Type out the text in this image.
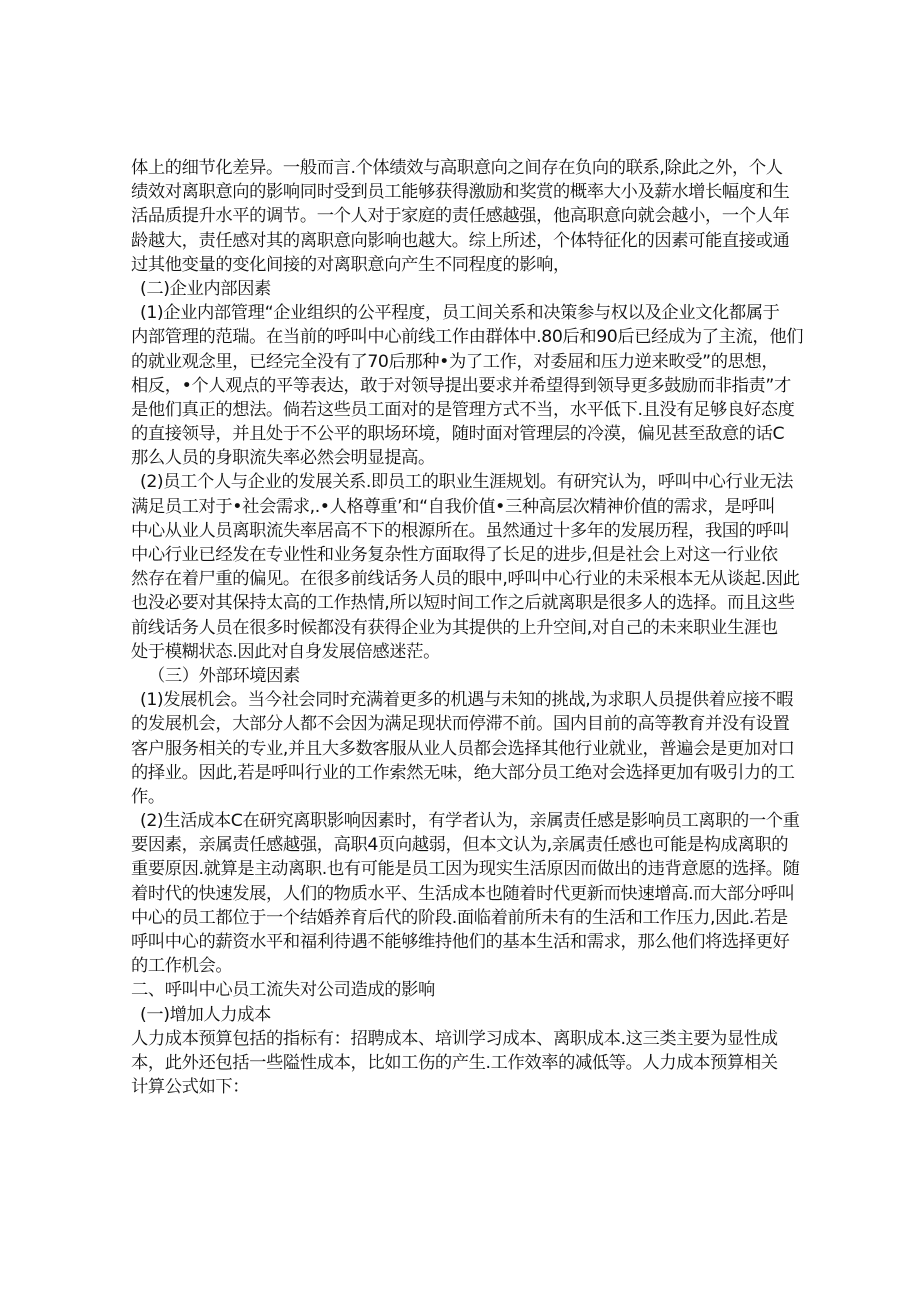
体上的细节化差异。一般而言.个体绩效与高职意向之间存在负向的联系,除此之外，个人
绩效对离职意向的影响同时受到员工能够获得激励和奖赏的概率大小及薪水增长幅度和生
活品质提升水平的调节。一个人对于家庭的责任感越强，他高职意向就会越小，一个人年
龄越大，责任感对其的离职意向影响也越大。综上所述，个体特征化的因素可能直接或通
过其他变量的变化间接的对离职意向产生不同程度的影响，
(二)企业内部因素
(1)企业内部管理“企业组织的公平程度，员工间关系和决策参与权以及企业文化都属于
内部管理的范瑞。在当前的呼叫中心前线工作由群体中.80后和90后已经成为了主流，他们
的就业观念里，已经完全没有了70后那种•为了工作，对委屈和压力逆来畋受”的思想，
相反，•个人观点的平等表达，敢于对领导提出要求并希望得到领导更多鼓励而非指责”才
是他们真正的想法。倘若这些员工面对的是管理方式不当，水平低下.且没有足够良好态度
的直接领导，并且处于不公平的职场环境，随时面对管理层的冷漠，偏见甚至敌意的话C
那么人员的身职流失率必然会明显提高。
(2)员工个人与企业的发展关系.即员工的职业生涯规划。有研究认为，呼叫中心行业无法
满足员工对于•社会需求,.•人格尊重’和“自我价值•三种高层次精神价值的需求，是呼叫
中心从业人员离职流失率居高不下的根源所在。虽然通过十多年的发展历程，我国的呼叫
中心行业已经发在专业性和业务复杂性方面取得了长足的进步,但是社会上对这一行业依
然存在着尸重的偏见。在很多前线话务人员的眼中,呼叫中心行业的未采根本无从谈起.因此
也没必要对其保持太高的工作热情,所以短时间工作之后就离职是很多人的选择。而且这些
前线话务人员在很多时候都没有获得企业为其提供的上升空间,对自己的未来职业生涯也
处于模糊状态.因此对自身发展倍感迷茫。
（三）外部环境因素
(1)发展机会。当今社会同时充满着更多的机遇与未知的挑战,为求职人员提供着应接不暇
的发展机会，大部分人都不会因为满足现状而停滞不前。国内目前的高等教育并没有设置
客户服务相关的专业,并且大多数客服从业人员都会选择其他行业就业，普遍会是更加对口
的择业。因此,若是呼叫行业的工作索然无味，绝大部分员工绝对会选择更加有吸引力的工
作。
(2)生活成本C在研究离职影响因素时，有学者认为，亲属责任感是影响员工离职的一个重
要因素，亲属责任感越强，高职4页向越弱，但本文认为,亲属责任感也可能是构成离职的
重要原因.就算是主动离职.也有可能是员工因为现实生活原因而做出的违背意愿的选择。随
着时代的快速发展，人们的物质水平、生活成本也随着时代更新而快速增高.而大部分呼叫
中心的员工都位于一个结婚养育后代的阶段.面临着前所未有的生活和工作压力,因此.若是
呼叫中心的薪资水平和福利待遇不能够维持他们的基本生活和需求，那么他们将选择更好
的工作机会。
二、呼叫中心员工流失对公司造成的影响
(一)增加人力成本
人力成本预算包括的指标有：招聘成本、培训学习成本、离职成本.这三类主要为显性成
本，此外还包括一些隘性成本，比如工伤的产生.工作效率的减低等。人力成本预算相关
计算公式如下：
